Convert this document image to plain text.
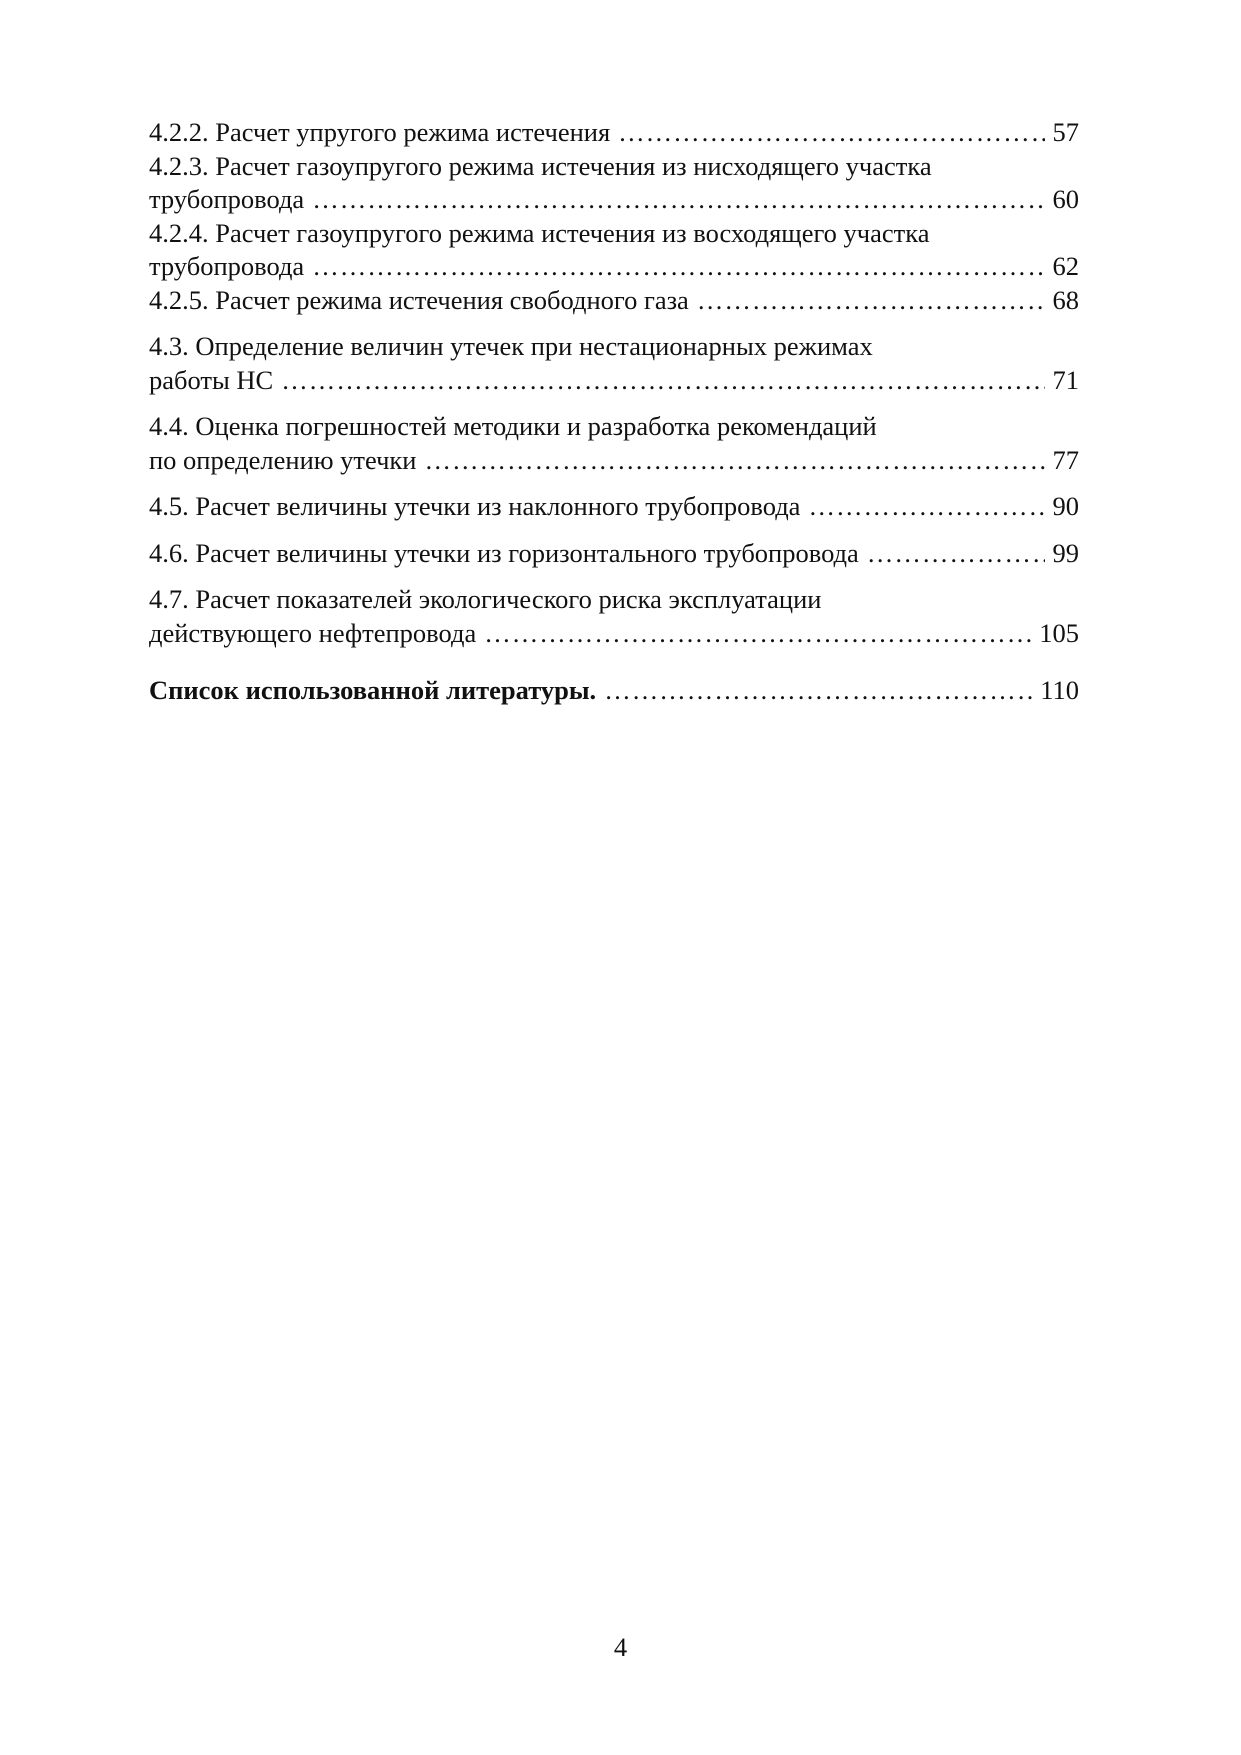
4.2.2. Расчет упругого режима истечения ………………………………………………………………………………………………………………………………………………………………………………	57
4.2.3. Расчет газоупругого режима истечения из нисходящего участка
трубопровода ………………………………………………………………………………………………………………………………………………………………………………	60
4.2.4. Расчет газоупругого режима истечения из восходящего участка
трубопровода ………………………………………………………………………………………………………………………………………………………………………………	62
4.2.5. Расчет режима истечения свободного газа ………………………………………………………………………………………………………………………………………………………………………………	68
4.3. Определение величин утечек при нестационарных режимах
работы НС ………………………………………………………………………………………………………………………………………………………………………………	71
4.4. Оценка погрешностей методики и разработка рекомендаций
по определению утечки ………………………………………………………………………………………………………………………………………………………………………………	77
4.5. Расчет величины утечки из наклонного трубопровода ………………………………………………………………………………………………………………………………………………………………………………	90
4.6. Расчет величины утечки из горизонтального трубопровода ………………………………………………………………………………………………………………………………………………………………………………	99
4.7. Расчет показателей экологического риска эксплуатации
действующего нефтепровода ………………………………………………………………………………………………………………………………………………………………………………	105
Список использованной литературы. ………………………………………………………………………………………………………………………………………………………………………………	110
4
